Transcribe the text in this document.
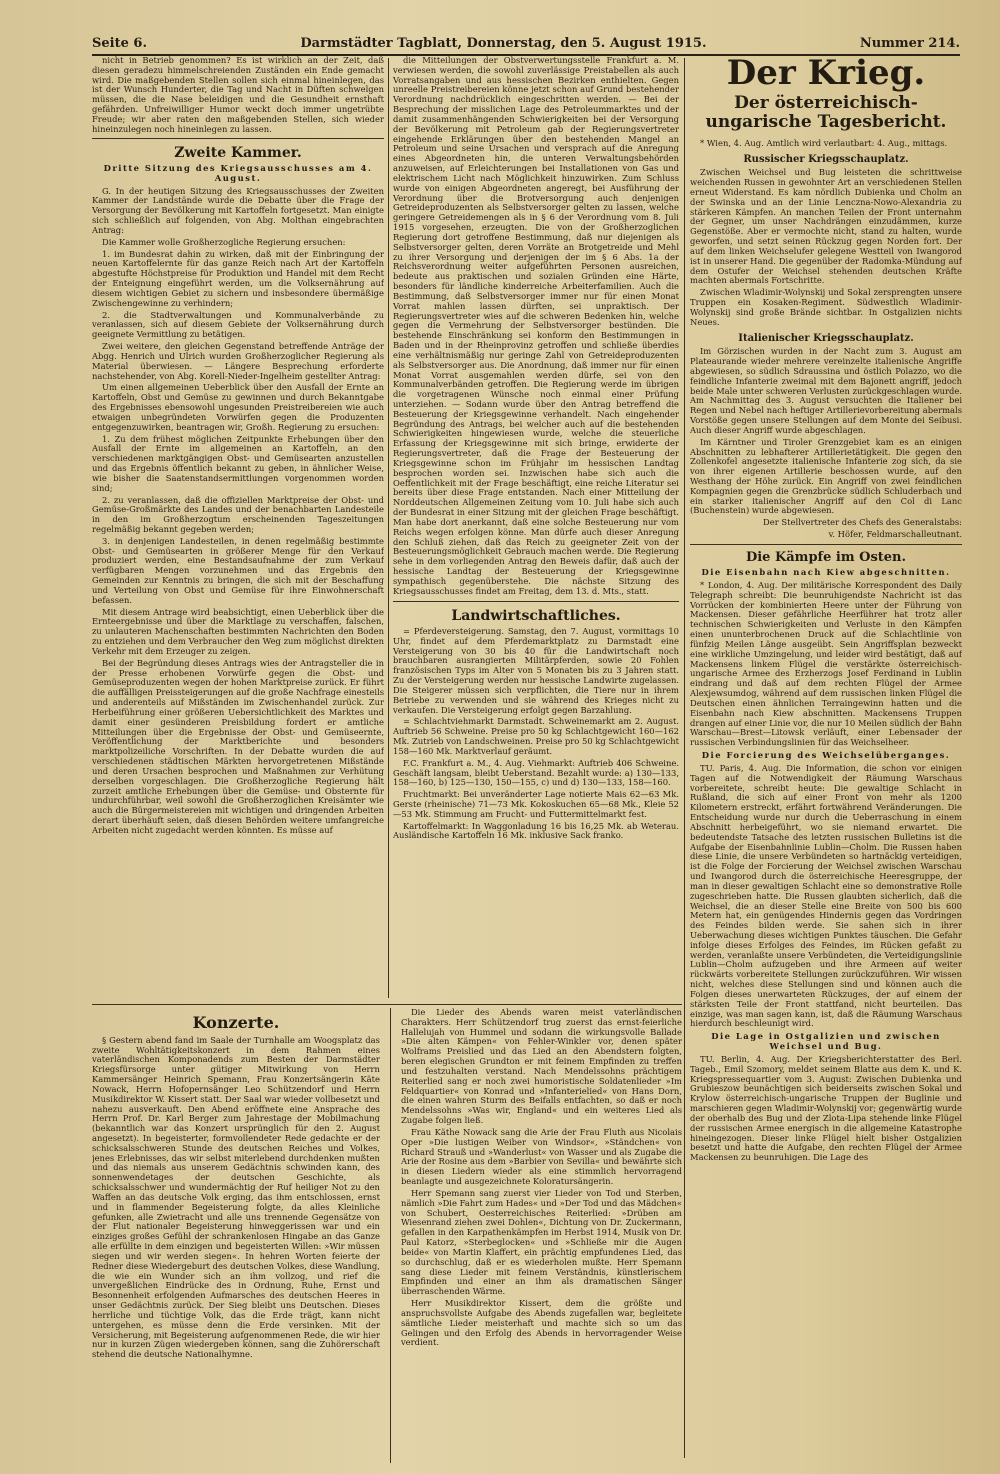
Seite 6.	Darmstädter Tagblatt, Donnerstag, den 5. August 1915.	Nummer 214.

nicht in Betrieb genommen? Es ist wirklich an der Zeit, daß diesen geradezu himmelschreienden Zuständen ein Ende gemacht wird. Die maßgebenden Stellen sollen sich einmal hineinlegen, das ist der Wunsch Hunderter, die Tag und Nacht in Düften schwelgen müssen, die die Nase beleidigen und die Gesundheit ernsthaft gefährden. Unfreiwilliger Humor weckt doch immer ungetrübte Freude; wir aber raten den maßgebenden Stellen, sich wieder hineinzulegen noch hineinlegen zu lassen.

Zweite Kammer.
Dritte Sitzung des Kriegsausschusses am 4. August.

G. In der heutigen Sitzung des Kriegsausschusses der Zweiten Kammer der Landstände wurde die Debatte über die Frage der Versorgung der Bevölkerung mit Kartoffeln fortgesetzt. Man einigte sich schließlich auf folgenden, von Abg. Molthan eingebrachten Antrag:

Die Kammer wolle Großherzogliche Regierung ersuchen:

1. im Bundesrat dahin zu wirken, daß mit der Einbringung der neuen Kartoffelernte für das ganze Reich nach Art der Kartoffeln abgestufte Höchstpreise für Produktion und Handel mit dem Recht der Enteignung eingeführt werden, um die Volksernährung auf diesem wichtigen Gebiet zu sichern und insbesondere übermäßige Zwischengewinne zu verhindern;

2. die Stadtverwaltungen und Kommunalverbände zu veranlassen, sich auf diesem Gebiete der Volksernährung durch geeignete Vermittlung zu betätigen.

Zwei weitere, den gleichen Gegenstand betreffende Anträge der Abgg. Henrich und Ulrich wurden Großherzoglicher Regierung als Material überwiesen. — Längere Besprechung erforderte nachstehender, von Abg. Korell-Nieder-Ingelheim gestellter Antrag:

Um einen allgemeinen Ueberblick über den Ausfall der Ernte an Kartoffeln, Obst und Gemüse zu gewinnen und durch Bekanntgabe des Ergebnisses ebensowohl ungesunden Preistreibereien wie auch etwaigen unbegründeten Vorwürfen gegen die Produzenten entgegenzuwirken, beantragen wir, Großh. Regierung zu ersuchen:

1. Zu dem frühest möglichen Zeitpunkte Erhebungen über den Ausfall der Ernte im allgemeinen an Kartoffeln, an den verschiedenen marktgängigen Obst- und Gemüsearten anzustellen und das Ergebnis öffentlich bekannt zu geben, in ähnlicher Weise, wie bisher die Saatenstandsermittlungen vorgenommen worden sind;

2. zu veranlassen, daß die offiziellen Marktpreise der Obst- und Gemüse-Großmärkte des Landes und der benachbarten Landesteile in den im Großherzogtum erscheinenden Tageszeitungen regelmäßig bekannt gegeben werden;

3. in denjenigen Landesteilen, in denen regelmäßig bestimmte Obst- und Gemüsearten in größerer Menge für den Verkauf produziert werden, eine Bestandsaufnahme der zum Verkauf verfügbaren Mengen vorzunehmen und das Ergebnis den Gemeinden zur Kenntnis zu bringen, die sich mit der Beschaffung und Verteilung von Obst und Gemüse für ihre Einwohnerschaft befassen.

Mit diesem Antrage wird beabsichtigt, einen Ueberblick über die Ernteergebnisse und über die Marktlage zu verschaffen, falschen, zu unlauteren Machenschaften bestimmten Nachrichten den Boden zu entziehen und dem Verbraucher den Weg zum möglichst direkten Verkehr mit dem Erzeuger zu zeigen.

Bei der Begründung dieses Antrags wies der Antragsteller die in der Presse erhobenen Vorwürfe gegen die Obst- und Gemüseproduzenten wegen der hohen Marktpreise zurück. Er führt die auffälligen Preissteigerungen auf die große Nachfrage einesteils und anderenteils auf Mißständen im Zwischenhandel zurück. Zur Herbeiführung einer größeren Uebersichtlichkeit des Marktes und damit einer gesünderen Preisbildung fordert er amtliche Mitteilungen über die Ergebnisse der Obst- und Gemüseernte, Veröffentlichung der Marktberichte und besonders marktpolizeiliche Vorschriften. In der Debatte wurden die auf verschiedenen städtischen Märkten hervorgetretenen Mißstände und deren Ursachen besprochen und Maßnahmen zur Verhütung derselben vorgeschlagen. Die Großherzogliche Regierung hält zurzeit amtliche Erhebungen über die Gemüse- und Obsternte für undurchführbar, weil sowohl die Großherzoglichen Kreisämter wie auch die Bürgermeistereien mit wichtigen und dringenden Arbeiten derart überhäuft seien, daß diesen Behörden weitere umfangreiche Arbeiten nicht zugedacht werden könnten. Es müsse auf

die Mitteilungen der Obstverwertungsstelle Frankfurt a. M. verwiesen werden, die sowohl zuverlässige Preistabellen als auch Vorratsangaben und aus hessischen Bezirken enthielten. Gegen unreelle Preistreibereien könne jetzt schon auf Grund bestehender Verordnung nachdrücklich eingeschritten werden. — Bei der Besprechung der misslichen Lage des Petroleummarktes und der damit zusammenhängenden Schwierigkeiten bei der Versorgung der Bevölkerung mit Petroleum gab der Regierungsvertreter eingehende Erklärungen über den bestehenden Mangel an Petroleum und seine Ursachen und versprach auf die Anregung eines Abgeordneten hin, die unteren Verwaltungsbehörden anzuweisen, auf Erleichterungen bei Installationen von Gas und elektrischem Licht nach Möglichkeit hinzuwirken. Zum Schluss wurde von einigen Abgeordneten angeregt, bei Ausführung der Verordnung über die Brotversorgung auch denjenigen Getreideproduzenten als Selbstversorger gelten zu lassen, welche geringere Getreidemengen als in § 6 der Verordnung vom 8. Juli 1915 vorgesehen, erzeugten. Die von der Großherzoglichen Regierung dort getroffene Bestimmung, daß nur diejenigen als Selbstversorger gelten, deren Vorräte an Brotgetreide und Mehl zu ihrer Versorgung und derjenigen der im § 6 Abs. 1a der Reichsverordnung weiter aufgeführten Personen ausreichen, bedeute aus praktischen und sozialen Gründen eine Härte, besonders für ländliche kinderreiche Arbeiterfamilien. Auch die Bestimmung, daß Selbstversorger immer nur für einen Monat Vorrat mahlen lassen dürften, sei unpraktisch. Der Regierungsvertreter wies auf die schweren Bedenken hin, welche gegen die Vermehrung der Selbstversorger bestünden. Die bestehende Einschränkung sei konform den Bestimmungen in Baden und in der Rheinprovinz getroffen und schließe überdies eine verhältnismäßig nur geringe Zahl von Getreideproduzenten als Selbstversorger aus. Die Anordnung, daß immer nur für einen Monat Vorrat ausgemahlen werden dürfe, sei von den Kommunalverbänden getroffen. Die Regierung werde im übrigen die vorgetragenen Wünsche noch einmal einer Prüfung unterziehen. — Sodann wurde über den Antrag betreffend die Besteuerung der Kriegsgewinne verhandelt. Nach eingehender Begründung des Antrags, bei welcher auch auf die bestehenden Schwierigkeiten hingewiesen wurde, welche die steuerliche Erfassung der Kriegsgewinne mit sich bringe, erwiderte der Regierungsvertreter, daß die Frage der Besteuerung der Kriegsgewinne schon im Frühjahr im hessischen Landtag besprochen worden sei. Inzwischen habe sich auch die Oeffentlichkeit mit der Frage beschäftigt, eine reiche Literatur sei bereits über diese Frage entstanden. Nach einer Mitteilung der Norddeutschen Allgemeinen Zeitung vom 10. Juli habe sich auch der Bundesrat in einer Sitzung mit der gleichen Frage beschäftigt. Man habe dort anerkannt, daß eine solche Besteuerung nur vom Reichs wegen erfolgen könne. Man dürfe auch dieser Anregung den Schluß ziehen, daß das Reich zu geeigneter Zeit von der Besteuerungsmöglichkeit Gebrauch machen werde. Die Regierung sehe in dem vorliegenden Antrag den Beweis dafür, daß auch der hessische Landtag der Besteuerung der Kriegsgewinne sympathisch gegenüberstehe. Die nächste Sitzung des Kriegsausschusses findet am Freitag, dem 13. d. Mts., statt.

Landwirtschaftliches.

= Pferdeversteigerung. Samstag, den 7. August, vormittags 10 Uhr, findet auf dem Pferdemarktplatz zu Darmstadt eine Versteigerung von 30 bis 40 für die Landwirtschaft noch brauchbaren ausrangierten Militärpferden, sowie 20 Fohlen französischen Typs im Alter von 5 Monaten bis zu 3 Jahren statt. Zu der Versteigerung werden nur hessische Landwirte zugelassen. Die Steigerer müssen sich verpflichten, die Tiere nur in ihrem Betriebe zu verwenden und sie während des Krieges nicht zu verkaufen. Die Versteigerung erfolgt gegen Barzahlung.

= Schlachtviehmarkt Darmstadt. Schweinemarkt am 2. August. Auftrieb 56 Schweine. Preise pro 50 kg Schlachtgewicht 160—162 Mk. Zutrieb von Landschweinen. Preise pro 50 kg Schlachtgewicht 158—160 Mk. Marktverlauf geräumt.

F.C. Frankfurt a. M., 4. Aug. Viehmarkt: Auftrieb 406 Schweine. Geschäft langsam, bleibt Ueberstand. Bezahlt wurde: a) 130—133, 158—160, b) 125—130, 150—155, c) und d) 130—133, 158—160.

Fruchtmarkt: Bei unveränderter Lage notierte Mais 62—63 Mk. Gerste (rheinische) 71—73 Mk. Kokoskuchen 65—68 Mk., Kleie 52—53 Mk. Stimmung am Frucht- und Futtermittelmarkt fest.

Kartoffelmarkt: In Waggonladung 16 bis 16,25 Mk. ab Weterau. Ausländische Kartoffeln 16 Mk. inklusive Sack franko.

Der Krieg.
Der österreichisch-ungarische Tagesbericht.

* Wien, 4. Aug. Amtlich wird verlautbart: 4. Aug., mittags.

Russischer Kriegsschauplatz.

Zwischen Weichsel und Bug leisteten die schrittweise weichenden Russen in gewohnter Art an verschiedenen Stellen erneut Widerstand. Es kam nördlich Dubienka und Cholm an der Swinska und an der Linie Lenczna-Nowo-Alexandria zu stärkeren Kämpfen. An manchen Teilen der Front unternahm der Gegner, um unser Nachdrängen einzudämmen, kurze Gegenstöße. Aber er vermochte nicht, stand zu halten, wurde geworfen, und setzt seinen Rückzug gegen Norden fort. Der auf dem linken Weichselufer gelegene Westteil von Iwangorod ist in unserer Hand. Die gegenüber der Radomka-Mündung auf dem Ostufer der Weichsel stehenden deutschen Kräfte machten abermals Fortschritte.

Zwischen Wladimir-Wolynskij und Sokal zersprengten unsere Truppen ein Kosaken-Regiment. Südwestlich Wladimir-Wolynskij sind große Brände sichtbar. In Ostgalizien nichts Neues.

Italienischer Kriegsschauplatz.

Im Görzischen wurden in der Nacht zum 3. August am Plateaurande wieder mehrere vereinzelte italienische Angriffe abgewiesen, so südlich Sdraussina und östlich Polazzo, wo die feindliche Infanterie zweimal mit dem Bajonett angriff, jedoch beide Male unter schweren Verlusten zurückgeschlagen wurde. Am Nachmittag des 3. August versuchten die Italiener bei Regen und Nebel nach heftiger Artillerievorbereitung abermals Vorstöße gegen unsere Stellungen auf dem Monte dei Seibusi. Auch dieser Angriff wurde abgeschlagen.

Im Kärntner und Tiroler Grenzgebiet kam es an einigen Abschnitten zu lebhafterer Artillerietätigkeit. Die gegen den Zollenkofel angesetzte italienische Infanterie zog sich, da sie von ihrer eigenen Artillerie beschossen wurde, auf den Westhang der Höhe zurück. Ein Angriff von zwei feindlichen Kompagnien gegen die Grenzbrücke südlich Schluderbach und ein starker italienischer Angriff auf den Col di Lanc (Buchenstein) wurde abgewiesen.

Der Stellvertreter des Chefs des Generalstabs:
v. Höfer, Feldmarschalleutnant.
Die Kämpfe im Osten.
Die Eisenbahn nach Kiew abgeschnitten.

* London, 4. Aug. Der militärische Korrespondent des Daily Telegraph schreibt: Die beunruhigendste Nachricht ist das Vorrücken der kombinierten Heere unter der Führung von Mackensen. Dieser gefährliche Heerführer hat trotz aller technischen Schwierigkeiten und Verluste in den Kämpfen einen ununterbrochenen Druck auf die Schlachtlinie von fünfzig Meilen Länge ausgeübt. Sein Angriffsplan bezweckt eine wirkliche Umzingelung, und leider wird bestätigt, daß auf Mackensens linkem Flügel die verstärkte österreichisch-ungarische Armee des Erzherzogs Josef Ferdinand in Lublin eindrang und daß auf dem rechten Flügel der Armee Alexjewsumdog, während auf dem russischen linken Flügel die Deutschen einen ähnlichen Terraingewinn hatten und die Eisenbahn nach Kiew abschnitten. Mackensens Truppen drangen auf einer Linie vor, die nur 10 Meilen südlich der Bahn Warschau—Brest—Litowsk verläuft, einer Lebensader der russischen Verbindungslinien für das Weichselheer.

Die Forcierung des Weichselüberganges.

TU. Paris, 4. Aug. Die Information, die schon vor einigen Tagen auf die Notwendigkeit der Räumung Warschaus vorbereitete, schreibt heute: Die gewaltige Schlacht in Rußland, die sich auf einer Front von mehr als 1200 Kilometern erstreckt, erfährt fortwährend Veränderungen. Die Entscheidung wurde nur durch die Ueberraschung in einem Abschnitt herbeigeführt, wo sie niemand erwartet. Die bedeutendste Tatsache des letzten russischen Bulletins ist die Aufgabe der Eisenbahnlinie Lublin—Cholm. Die Russen haben diese Linie, die unsere Verbündeten so hartnäckig verteidigen, ist die Folge der Forcierung der Weichsel zwischen Warschau und Iwangorod durch die österreichische Heeresgruppe, der man in dieser gewaltigen Schlacht eine so demonstrative Rolle zugeschrieben hatte. Die Russen glaubten sicherlich, daß die Weichsel, die an dieser Stelle eine Breite von 500 bis 600 Metern hat, ein genügendes Hindernis gegen das Vordringen des Feindes bilden werde. Sie sahen sich in ihrer Ueberwachung dieses wichtigen Punktes täuschen. Die Gefahr infolge dieses Erfolges des Feindes, im Rücken gefaßt zu werden, veranlaßte unsere Verbündeten, die Verteidigungslinie Lublin—Cholm aufzugeben und ihre Armeen auf weiter rückwärts vorbereitete Stellungen zurückzuführen. Wir wissen nicht, welches diese Stellungen sind und können auch die Folgen dieses unerwarteten Rückzuges, der auf einem der stärksten Teile der Front stattfand, nicht beurteilen. Das einzige, was man sagen kann, ist, daß die Räumung Warschaus hierdurch beschleunigt wird.

Die Lage in Ostgalizien und zwischen Weichsel und Bug.

TU. Berlin, 4. Aug. Der Kriegsberichterstatter des Berl. Tageb., Emil Szomory, meldet seinem Blatte aus dem K. und K. Kriegspressequartier vom 3. August: Zwischen Dubienka und Grubieszow beunächtigen sich beiderseits zwischen Sokal und Krylow österreichisch-ungarische Truppen der Bugl​inie und marschieren gegen Wladimir-Wolynskij vor; gegenwärtig wurde der oberhalb des Bug und der Zlota-Lipa stehende linke Flügel der russischen Armee energisch in die allgemeine Katastrophe hineingezogen. Dieser linke Flügel hielt bisher Ostgalizien besetzt und hatte die Aufgabe, den rechten Flügel der Armee Mackensen zu beunruhigen. Die Lage des

Konzerte.

§ Gestern abend fand im Saale der Turnhalle am Woogsplatz das zweite Wohltätigkeitskonzert in dem Rahmen eines vaterländischen Komponadends zum Besten der Darmstädter Kriegsfürsorge unter gütiger Mitwirkung von Herrn Kammersänger Heinrich Spemann, Frau Konzertsängerin Käte Nowack, Herrn Hofopernsänger Leo Schützendorf und Herrn Musikdirektor W. Kissert statt. Der Saal war wieder vollbesetzt und nahezu ausverkauft. Den Abend eröffnete eine Ansprache des Herrn Prof. Dr. Karl Berger zum Jahrestage der Mobilmachung (bekanntlich war das Konzert ursprünglich für den 2. August angesetzt). In begeisterter, formvollendeter Rede gedachte er der schicksalsschweren Stunde des deutschen Reiches und Volkes, jenes Erlebnisses, das wir selbst miterlebend durchdenken mußten und das niemals aus unserem Gedächtnis schwinden kann, des sonnenwendetages der deutschen Geschichte, als schicksalsschwer und wundermächtig der Ruf heiliger Not zu den Waffen an das deutsche Volk erging, das ihm entschlossen, ernst und in flammender Begeisterung folgte, da alles Kleinliche gefunken, alle Zwietracht und alle uns trennende Gegensätze von der Flut nationaler Begeisterung hinweggerissen war und ein einziges großes Gefühl der schrankenlosen Hingabe an das Ganze alle erfüllte in dem einzigen und begeisterten Willen: »Wir müssen siegen und wir werden siegen«. In hehren Worten feierte der Redner diese Wiedergeburt des deutschen Volkes, diese Wandlung, die wie ein Wunder sich an ihm vollzog, und rief die unvergeßlichen Eindrücke des in Ordnung, Ruhe, Ernst und Besonnenheit erfolgenden Aufmarsches des deutschen Heeres in unser Gedächtnis zurück. Der Sieg bleibt uns Deutschen. Dieses herrliche und tüchtige Volk, das die Erde trägt, kann nicht untergehen, es müsse denn die Erde versinken. Mit der Versicherung, mit Begeisterung aufgenommenen Rede, die wir hier nur in kurzen Zügen wiedergeben können, sang die Zuhörerschaft stehend die deutsche Nationalhymne.

Die Lieder des Abends waren meist vaterländischen Charakters. Herr Schützendorf trug zuerst das ernst-feierliche Hallelujah von Hummel und sodann die wirkungsvolle Ballade »Die alten Kämpen« von Fehler-Winkler vor, denen später Wolframs Preislied und das Lied an den Abendstern folgten, beren elegischen Grundton er mit feinem Empfinden zu treffen und festzuhalten verstand. Nach Mendelssohns prächtigem Reiterlied sang er noch zwei humoristische Soldatenlieder »Im Feldquartier« von Konrad und »Infanterielied« von Hans Dorn, die einen wahren Sturm des Beifalls entfachten, so daß er noch Mendelssohns »Was wir, England« und ein weiteres Lied als Zugabe folgen ließ.

Frau Käthe Nowack sang die Arie der Frau Fluth aus Nicolais Oper »Die lustigen Weiber von Windsor«, »Ständchen« von Richard Strauß und »Wanderlust« von Wasser und als Zugabe die Arie der Rosine aus dem »Barbier von Sevilla« und bewährte sich in diesen Liedern wieder als eine stimmlich hervorragend beanlagte und ausgezeichnete Koloratursängerin.

Herr Spemann sang zuerst vier Lieder von Tod und Sterben, nämlich »Die Fahrt zum Hades« und »Der Tod und das Mädchen« von Schubert, Oesterreichisches Reiterlied: »Drüben am Wiesenrand ziehen zwei Dohlen«, Dichtung von Dr. Zuckermann, gefallen in den Karpathenkämpfen im Herbst 1914, Musik von Dr. Paul Katorz, »Sterbeglocken« und »Schließe mir die Augen beide« von Martin Klaffert, ein prächtig empfundenes Lied, das so durchschlug, daß er es wiederholen mußte. Herr Spemann sang diese Lieder mit feinem Verständnis, künstlerischem Empfinden und einer an ihm als dramatischen Sänger überraschenden Wärme.

Herr Musikdirektor Kissert, dem die größte und anspruchsvollste Aufgabe des Abends zugefallen war, begleitete sämtliche Lieder meisterhaft und machte sich so um das Gelingen und den Erfolg des Abends in hervorragender Weise verdient.
